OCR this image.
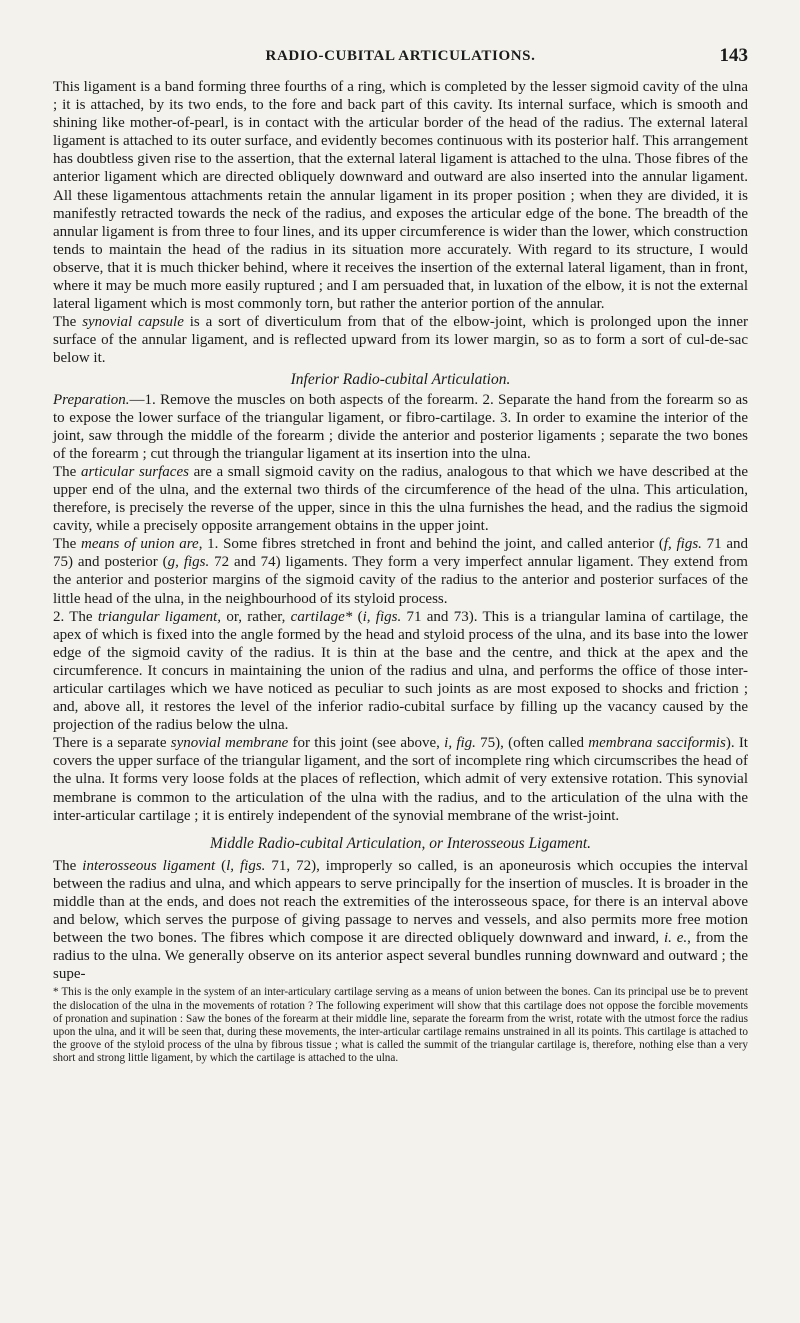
RADIO-CUBITAL ARTICULATIONS.	143

This ligament is a band forming three fourths of a ring, which is completed by the lesser sigmoid cavity of the ulna ; it is attached, by its two ends, to the fore and back part of this cavity. Its internal surface, which is smooth and shining like mother-of-pearl, is in contact with the articular border of the head of the radius. The external lateral ligament is attached to its outer surface, and evidently becomes continuous with its posterior half. This arrangement has doubtless given rise to the assertion, that the external lateral ligament is attached to the ulna. Those fibres of the anterior ligament which are directed obliquely downward and outward are also inserted into the annular ligament. All these ligamentous attachments retain the annular ligament in its proper position ; when they are divided, it is manifestly retracted towards the neck of the radius, and exposes the articular edge of the bone. The breadth of the annular ligament is from three to four lines, and its upper circumference is wider than the lower, which construction tends to maintain the head of the radius in its situation more accurately. With regard to its structure, I would observe, that it is much thicker behind, where it receives the insertion of the external lateral ligament, than in front, where it may be much more easily ruptured ; and I am persuaded that, in luxation of the elbow, it is not the external lateral ligament which is most commonly torn, but rather the anterior portion of the annular.

The synovial capsule is a sort of diverticulum from that of the elbow-joint, which is prolonged upon the inner surface of the annular ligament, and is reflected upward from its lower margin, so as to form a sort of cul-de-sac below it.

Inferior Radio-cubital Articulation.

Preparation.—1. Remove the muscles on both aspects of the forearm. 2. Separate the hand from the forearm so as to expose the lower surface of the triangular ligament, or fibro-cartilage. 3. In order to examine the interior of the joint, saw through the middle of the forearm ; divide the anterior and posterior ligaments ; separate the two bones of the forearm ; cut through the triangular ligament at its insertion into the ulna.

The articular surfaces are a small sigmoid cavity on the radius, analogous to that which we have described at the upper end of the ulna, and the external two thirds of the circumference of the head of the ulna. This articulation, therefore, is precisely the reverse of the upper, since in this the ulna furnishes the head, and the radius the sigmoid cavity, while a precisely opposite arrangement obtains in the upper joint.

The means of union are, 1. Some fibres stretched in front and behind the joint, and called anterior (f, figs. 71 and 75) and posterior (g, figs. 72 and 74) ligaments. They form a very imperfect annular ligament. They extend from the anterior and posterior margins of the sigmoid cavity of the radius to the anterior and posterior surfaces of the little head of the ulna, in the neighbourhood of its styloid process.

2. The triangular ligament, or, rather, cartilage* (i, figs. 71 and 73). This is a triangular lamina of cartilage, the apex of which is fixed into the angle formed by the head and styloid process of the ulna, and its base into the lower edge of the sigmoid cavity of the radius. It is thin at the base and the centre, and thick at the apex and the circumference. It concurs in maintaining the union of the radius and ulna, and performs the office of those inter-articular cartilages which we have noticed as peculiar to such joints as are most exposed to shocks and friction ; and, above all, it restores the level of the inferior radio-cubital surface by filling up the vacancy caused by the projection of the radius below the ulna.

There is a separate synovial membrane for this joint (see above, i, fig. 75), (often called membrana sacciformis). It covers the upper surface of the triangular ligament, and the sort of incomplete ring which circumscribes the head of the ulna. It forms very loose folds at the places of reflection, which admit of very extensive rotation. This synovial membrane is common to the articulation of the ulna with the radius, and to the articulation of the ulna with the inter-articular cartilage ; it is entirely independent of the synovial membrane of the wrist-joint.

Middle Radio-cubital Articulation, or Interosseous Ligament.

The interosseous ligament (l, figs. 71, 72), improperly so called, is an aponeurosis which occupies the interval between the radius and ulna, and which appears to serve principally for the insertion of muscles. It is broader in the middle than at the ends, and does not reach the extremities of the interosseous space, for there is an interval above and below, which serves the purpose of giving passage to nerves and vessels, and also permits more free motion between the two bones. The fibres which compose it are directed obliquely downward and inward, i. e., from the radius to the ulna. We generally observe on its anterior aspect several bundles running downward and outward ; the supe-

* This is the only example in the system of an inter-articulary cartilage serving as a means of union between the bones. Can its principal use be to prevent the dislocation of the ulna in the movements of rotation ? The following experiment will show that this cartilage does not oppose the forcible movements of pronation and supination : Saw the bones of the forearm at their middle line, separate the forearm from the wrist, rotate with the utmost force the radius upon the ulna, and it will be seen that, during these movements, the inter-articular cartilage remains unstrained in all its points. This cartilage is attached to the groove of the styloid process of the ulna by fibrous tissue ; what is called the summit of the triangular cartilage is, therefore, nothing else than a very short and strong little ligament, by which the cartilage is attached to the ulna.
